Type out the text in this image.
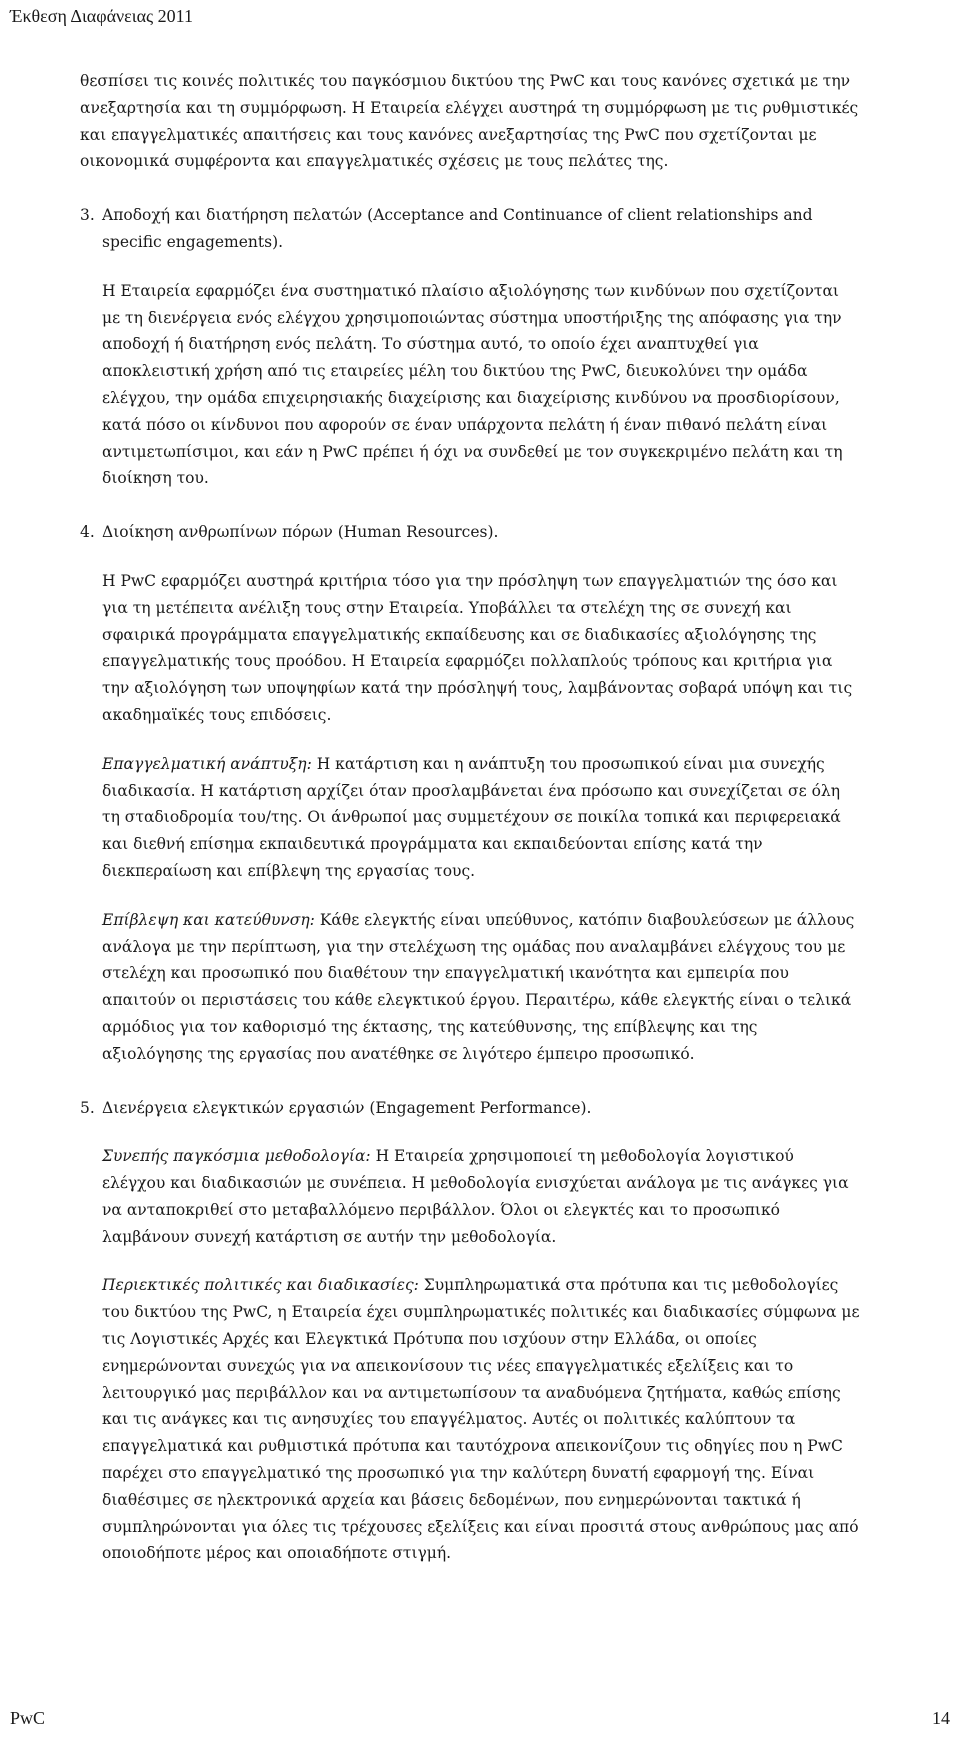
Έκθεση Διαφάνειας 2011

θεσπίσει τις κοινές πολιτικές του παγκόσμιου δικτύου της PwC και τους κανόνες σχετικά με την ανεξαρτησία και τη συμμόρφωση. Η Εταιρεία ελέγχει αυστηρά τη συμμόρφωση με τις ρυθμιστικές και επαγγελματικές απαιτήσεις και τους κανόνες ανεξαρτησίας της PwC που σχετίζονται με οικονομικά συμφέροντα και επαγγελματικές σχέσεις με τους πελάτες της.

3. Αποδοχή και διατήρηση πελατών (Acceptance and Continuance of client relationships and specific engagements).

Η Εταιρεία εφαρμόζει ένα συστηματικό πλαίσιο αξιολόγησης των κινδύνων που σχετίζονται με τη διενέργεια ενός ελέγχου χρησιμοποιώντας σύστημα υποστήριξης της απόφασης για την αποδοχή ή διατήρηση ενός πελάτη. Το σύστημα αυτό, το οποίο έχει αναπτυχθεί για αποκλειστική χρήση από τις εταιρείες μέλη του δικτύου της PwC, διευκολύνει την ομάδα ελέγχου, την ομάδα επιχειρησιακής διαχείρισης και διαχείρισης κινδύνου να προσδιορίσουν, κατά πόσο οι κίνδυνοι που αφορούν σε έναν υπάρχοντα πελάτη ή έναν πιθανό πελάτη είναι αντιμετωπίσιμοι, και εάν η PwC πρέπει ή όχι να συνδεθεί με τον συγκεκριμένο πελάτη και τη διοίκηση του.

4. Διοίκηση ανθρωπίνων πόρων (Human Resources).

Η PwC εφαρμόζει αυστηρά κριτήρια τόσο για την πρόσληψη των επαγγελματιών της όσο και για τη μετέπειτα ανέλιξη τους στην Εταιρεία. Υποβάλλει τα στελέχη της σε συνεχή και σφαιρικά προγράμματα επαγγελματικής εκπαίδευσης και σε διαδικασίες αξιολόγησης της επαγγελματικής τους προόδου. Η Εταιρεία εφαρμόζει πολλαπλούς τρόπους και κριτήρια για την αξιολόγηση των υποψηφίων κατά την πρόσληψή τους, λαμβάνοντας σοβαρά υπόψη και τις ακαδημαϊκές τους επιδόσεις.

Επαγγελματική ανάπτυξη: Η κατάρτιση και η ανάπτυξη του προσωπικού είναι μια συνεχής διαδικασία. Η κατάρτιση αρχίζει όταν προσλαμβάνεται ένα πρόσωπο και συνεχίζεται σε όλη τη σταδιοδρομία του/της. Οι άνθρωποί μας συμμετέχουν σε ποικίλα τοπικά και περιφερειακά και διεθνή επίσημα εκπαιδευτικά προγράμματα και εκπαιδεύονται επίσης κατά την διεκπεραίωση και επίβλεψη της εργασίας τους.

Επίβλεψη και κατεύθυνση: Κάθε ελεγκτής είναι υπεύθυνος, κατόπιν διαβουλεύσεων με άλλους ανάλογα με την περίπτωση, για την στελέχωση της ομάδας που αναλαμβάνει ελέγχους του με στελέχη και προσωπικό που διαθέτουν την επαγγελματική ικανότητα και εμπειρία που απαιτούν οι περιστάσεις του κάθε ελεγκτικού έργου. Περαιτέρω, κάθε ελεγκτής είναι ο τελικά αρμόδιος για τον καθορισμό της έκτασης, της κατεύθυνσης, της επίβλεψης και της αξιολόγησης της εργασίας που ανατέθηκε σε λιγότερο έμπειρο προσωπικό.

5. Διενέργεια ελεγκτικών εργασιών (Engagement Performance).

Συνεπής παγκόσμια μεθοδολογία: Η Εταιρεία χρησιμοποιεί τη μεθοδολογία λογιστικού ελέγχου και διαδικασιών με συνέπεια. Η μεθοδολογία ενισχύεται ανάλογα με τις ανάγκες για να ανταποκριθεί στο μεταβαλλόμενο περιβάλλον. Όλοι οι ελεγκτές και το προσωπικό λαμβάνουν συνεχή κατάρτιση σε αυτήν την μεθοδολογία.

Περιεκτικές πολιτικές και διαδικασίες: Συμπληρωματικά στα πρότυπα και τις μεθοδολογίες του δικτύου της PwC, η Εταιρεία έχει συμπληρωματικές πολιτικές και διαδικασίες σύμφωνα με τις Λογιστικές Αρχές και Ελεγκτικά Πρότυπα που ισχύουν στην Ελλάδα, οι οποίες ενημερώνονται συνεχώς για να απεικονίσουν τις νέες επαγγελματικές εξελίξεις και το λειτουργικό μας περιβάλλον και να αντιμετωπίσουν τα αναδυόμενα ζητήματα, καθώς επίσης και τις ανάγκες και τις ανησυχίες του επαγγέλματος. Αυτές οι πολιτικές καλύπτουν τα επαγγελματικά και ρυθμιστικά πρότυπα και ταυτόχρονα απεικονίζουν τις οδηγίες που η PwC παρέχει στο επαγγελματικό της προσωπικό για την καλύτερη δυνατή εφαρμογή της. Είναι διαθέσιμες σε ηλεκτρονικά αρχεία και βάσεις δεδομένων, που ενημερώνονται τακτικά ή συμπληρώνονται για όλες τις τρέχουσες εξελίξεις και είναι προσιτά στους ανθρώπους μας από οποιοδήποτε μέρος και οποιαδήποτε στιγμή.

PwC	14
